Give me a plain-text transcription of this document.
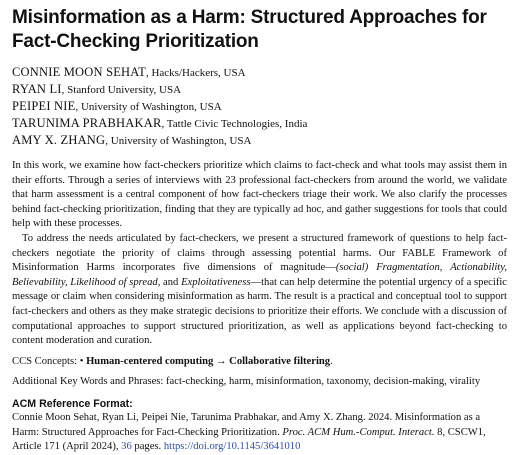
Misinformation as a Harm: Structured Approaches for Fact-Checking Prioritization
CONNIE MOON SEHAT, Hacks/Hackers, USA
RYAN LI, Stanford University, USA
PEIPEI NIE, University of Washington, USA
TARUNIMA PRABHAKAR, Tattle Civic Technologies, India
AMY X. ZHANG, University of Washington, USA

In this work, we examine how fact-checkers prioritize which claims to fact-check and what tools may assist them in their efforts. Through a series of interviews with 23 professional fact-checkers from around the world, we validate that harm assessment is a central component of how fact-checkers triage their work. We also clarify the processes behind fact-checking prioritization, finding that they are typically ad hoc, and gather suggestions for tools that could help with these processes.

To address the needs articulated by fact-checkers, we present a structured framework of questions to help fact-checkers negotiate the priority of claims through assessing potential harms. Our FABLE Framework of Misinformation Harms incorporates five dimensions of magnitude—(social) Fragmentation, Actionability, Believability, Likelihood of spread, and Exploitativeness—that can help determine the potential urgency of a specific message or claim when considering misinformation as harm. The result is a practical and conceptual tool to support fact-checkers and others as they make strategic decisions to prioritize their efforts. We conclude with a discussion of computational approaches to support structured prioritization, as well as applications beyond fact-checking to content moderation and curation.

CCS Concepts: • Human-centered computing → Collaborative filtering.
Additional Key Words and Phrases: fact-checking, harm, misinformation, taxonomy, decision-making, virality
ACM Reference Format:
Connie Moon Sehat, Ryan Li, Peipei Nie, Tarunima Prabhakar, and Amy X. Zhang. 2024. Misinformation as a Harm: Structured Approaches for Fact-Checking Prioritization. Proc. ACM Hum.-Comput. Interact. 8, CSCW1, Article 171 (April 2024), 36 pages. https://doi.org/10.1145/3641010
